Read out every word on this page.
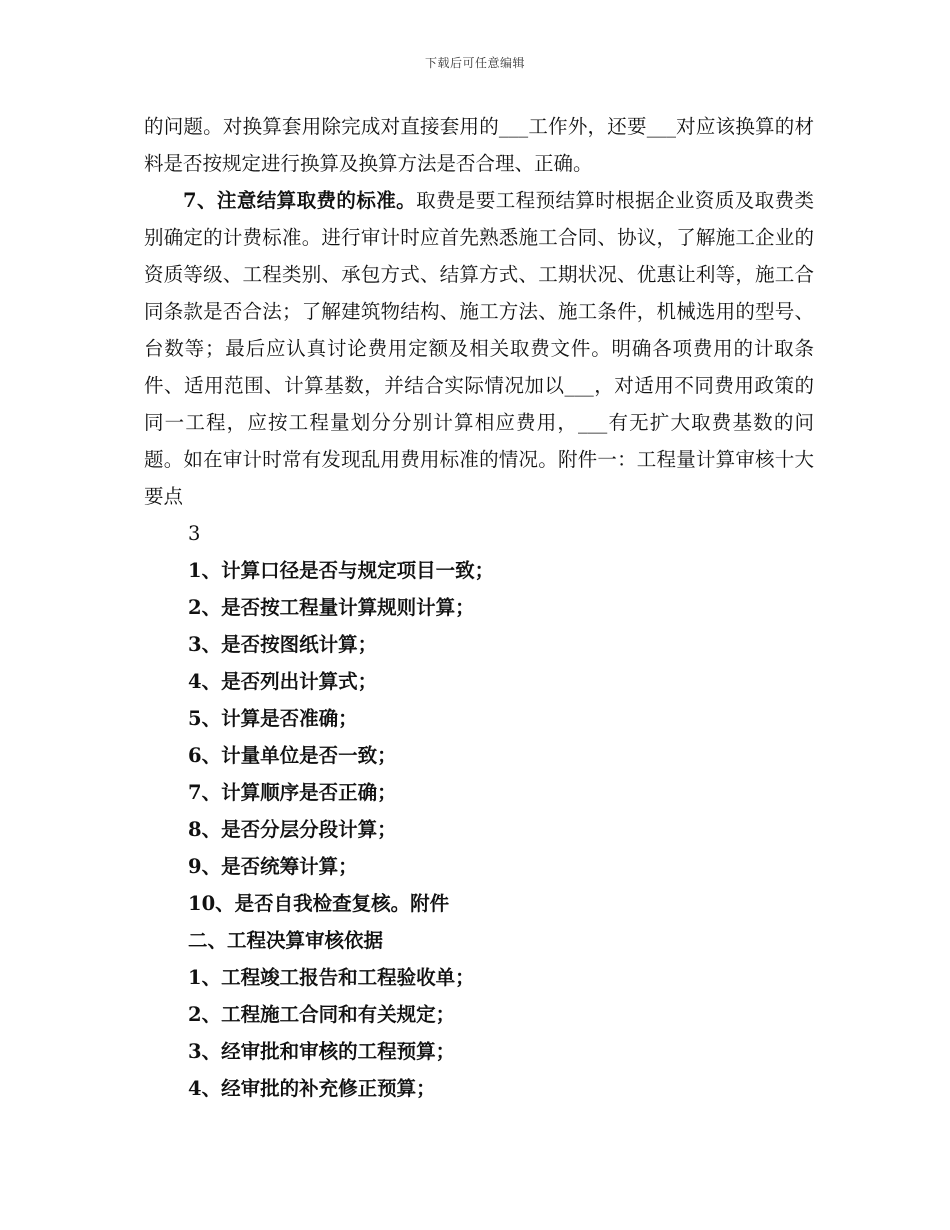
下载后可任意编辑

的问题。对换算套用除完成对直接套用的___工作外，还要___对应该换算的材料是否按规定进行换算及换算方法是否合理、正确。

7、注意结算取费的标准。取费是要工程预结算时根据企业资质及取费类别确定的计费标准。进行审计时应首先熟悉施工合同、协议，了解施工企业的资质等级、工程类别、承包方式、结算方式、工期状况、优惠让利等，施工合同条款是否合法；了解建筑物结构、施工方法、施工条件，机械选用的型号、台数等；最后应认真讨论费用定额及相关取费文件。明确各项费用的计取条件、适用范围、计算基数，并结合实际情况加以___，对适用不同费用政策的同一工程，应按工程量划分分别计算相应费用，___有无扩大取费基数的问题。如在审计时常有发现乱用费用标准的情况。附件一：工程量计算审核十大要点

3

1、计算口径是否与规定项目一致；

2、是否按工程量计算规则计算；

3、是否按图纸计算；

4、是否列出计算式；

5、计算是否准确；

6、计量单位是否一致；

7、计算顺序是否正确；

8、是否分层分段计算；

9、是否统筹计算；

10、是否自我检查复核。附件

二、工程决算审核依据

1、工程竣工报告和工程验收单；

2、工程施工合同和有关规定；

3、经审批和审核的工程预算；

4、经审批的补充修正预算；
